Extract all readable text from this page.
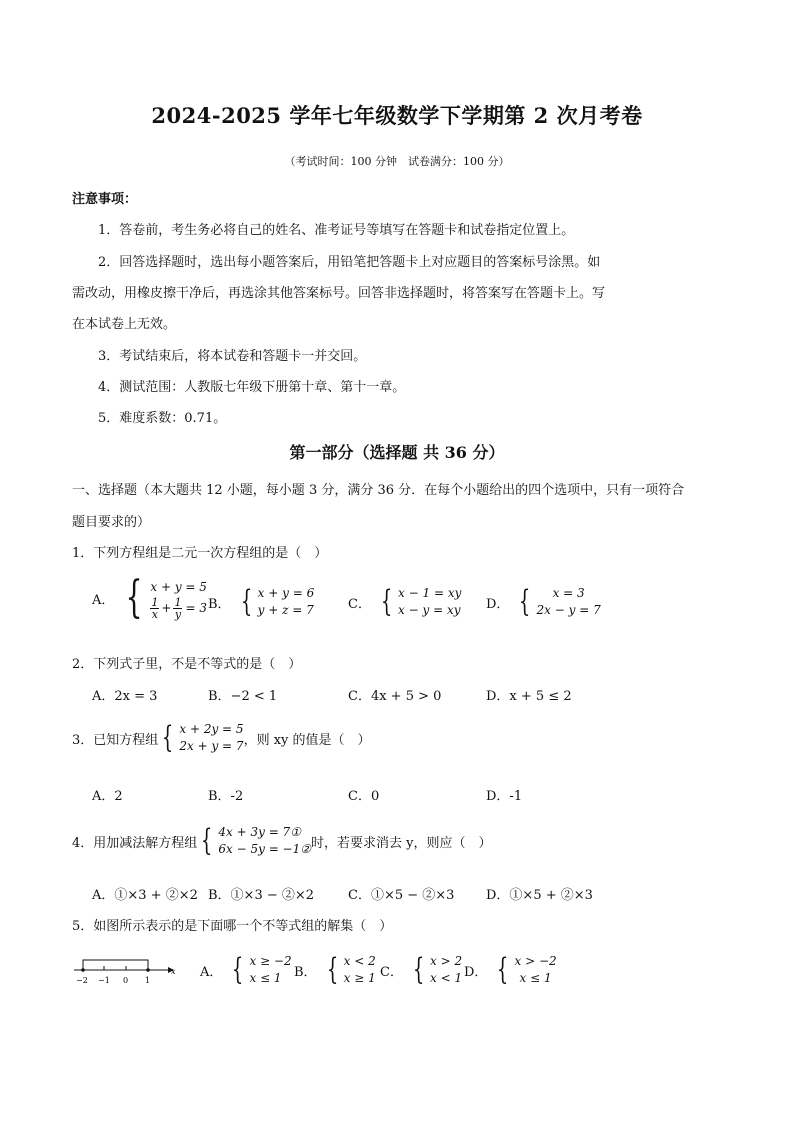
2024-2025 学年七年级数学下学期第 2 次月考卷
（考试时间：100 分钟　试卷满分：100 分）
注意事项：
1．答卷前，考生务必将自己的姓名、准考证号等填写在答题卡和试卷指定位置上。
2．回答选择题时，选出每小题答案后，用铅笔把答题卡上对应题目的答案标号涂黑。如
需改动，用橡皮擦干净后，再选涂其他答案标号。回答非选择题时，将答案写在答题卡上。写
在本试卷上无效。
3．考试结束后，将本试卷和答题卡一并交回。
4．测试范围：人教版七年级下册第十章、第十一章。
5．难度系数：0.71。
第一部分（选择题 共 36 分）
一、选择题（本大题共 12 小题，每小题 3 分，满分 36 分．在每个小题给出的四个选项中，只有一项符合
题目要求的）
1．下列方程组是二元一次方程组的是（　）
A． { x + y = 5
$\frac{1}{x} + \frac{1}{y} = 3$ B． { x + y = 6
y + z = 7	C． { x − 1 = xy
x − y = xy D． { x = 3
2x − y = 7
2．下列式子里，不是不等式的是（　）
A．2x = 3	B．−2 < 1	C．4x + 5 > 0	D．x + 5 ≤ 2
3．已知方程组 { x + 2y = 5
2x + y = 7 ，则 xy 的值是（　）
A．2	B．-2	C．0	D．-1
4．用加减法解方程组 { 4x + 3y = 7①
6x − 5y = −1② 时，若要求消去 y，则应（　）
A．①×3 + ②×2 B．①×3 − ②×2	C．①×5 − ②×3 D．①×5 + ②×3
5．如图所示表示的是下面哪一个不等式组的解集（　）
−2 −1 0 1
x A． { x ≥ −2
x ≤ 1 B． { x < 2
x ≥ 1 C． { x > 2
x < 1 D． { x > −2
x ≤ 1
